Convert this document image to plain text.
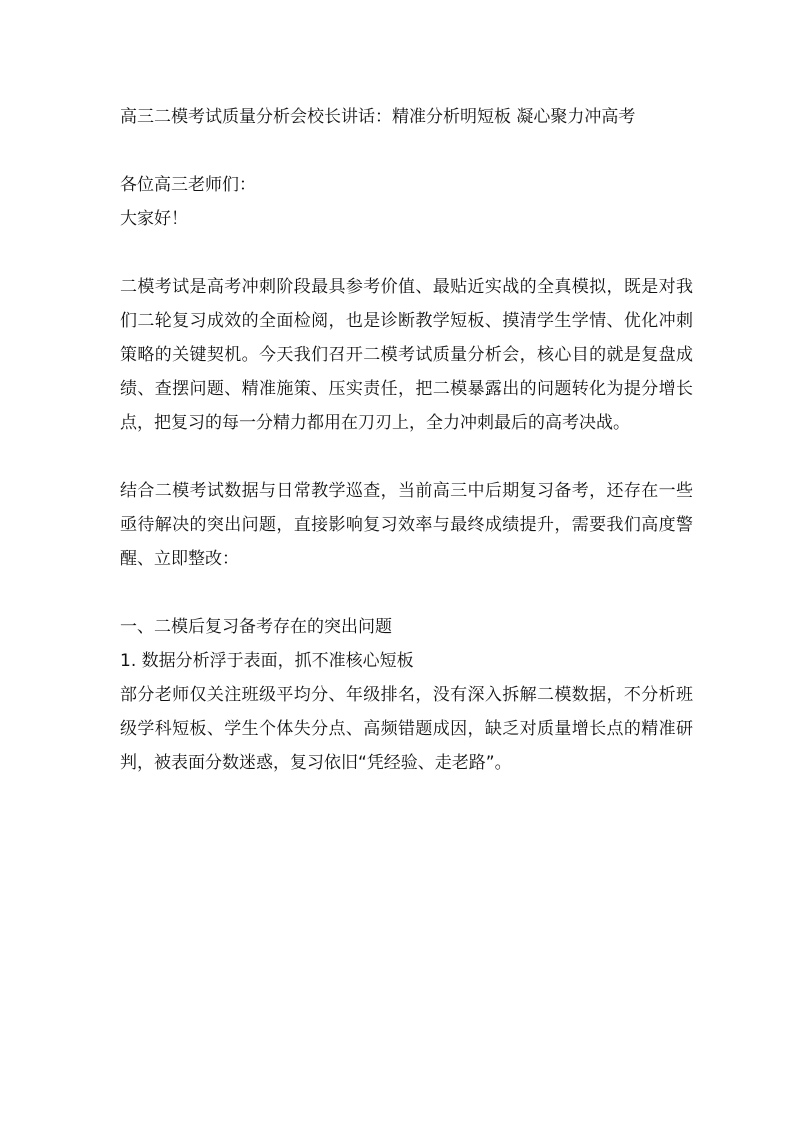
高三二模考试质量分析会校长讲话：精准分析明短板 凝心聚力冲高考

各位高三老师们：

大家好！

二模考试是高考冲刺阶段最具参考价值、最贴近实战的全真模拟，既是对我们二轮复习成效的全面检阅，也是诊断教学短板、摸清学生学情、优化冲刺策略的关键契机。今天我们召开二模考试质量分析会，核心目的就是复盘成绩、查摆问题、精准施策、压实责任，把二模暴露出的问题转化为提分增长点，把复习的每一分精力都用在刀刃上，全力冲刺最后的高考决战。

结合二模考试数据与日常教学巡查，当前高三中后期复习备考，还存在一些亟待解决的突出问题，直接影响复习效率与最终成绩提升，需要我们高度警醒、立即整改：

一、二模后复习备考存在的突出问题

1. 数据分析浮于表面，抓不准核心短板

部分老师仅关注班级平均分、年级排名，没有深入拆解二模数据，不分析班级学科短板、学生个体失分点、高频错题成因，缺乏对质量增长点的精准研判，被表面分数迷惑，复习依旧“凭经验、走老路”。
